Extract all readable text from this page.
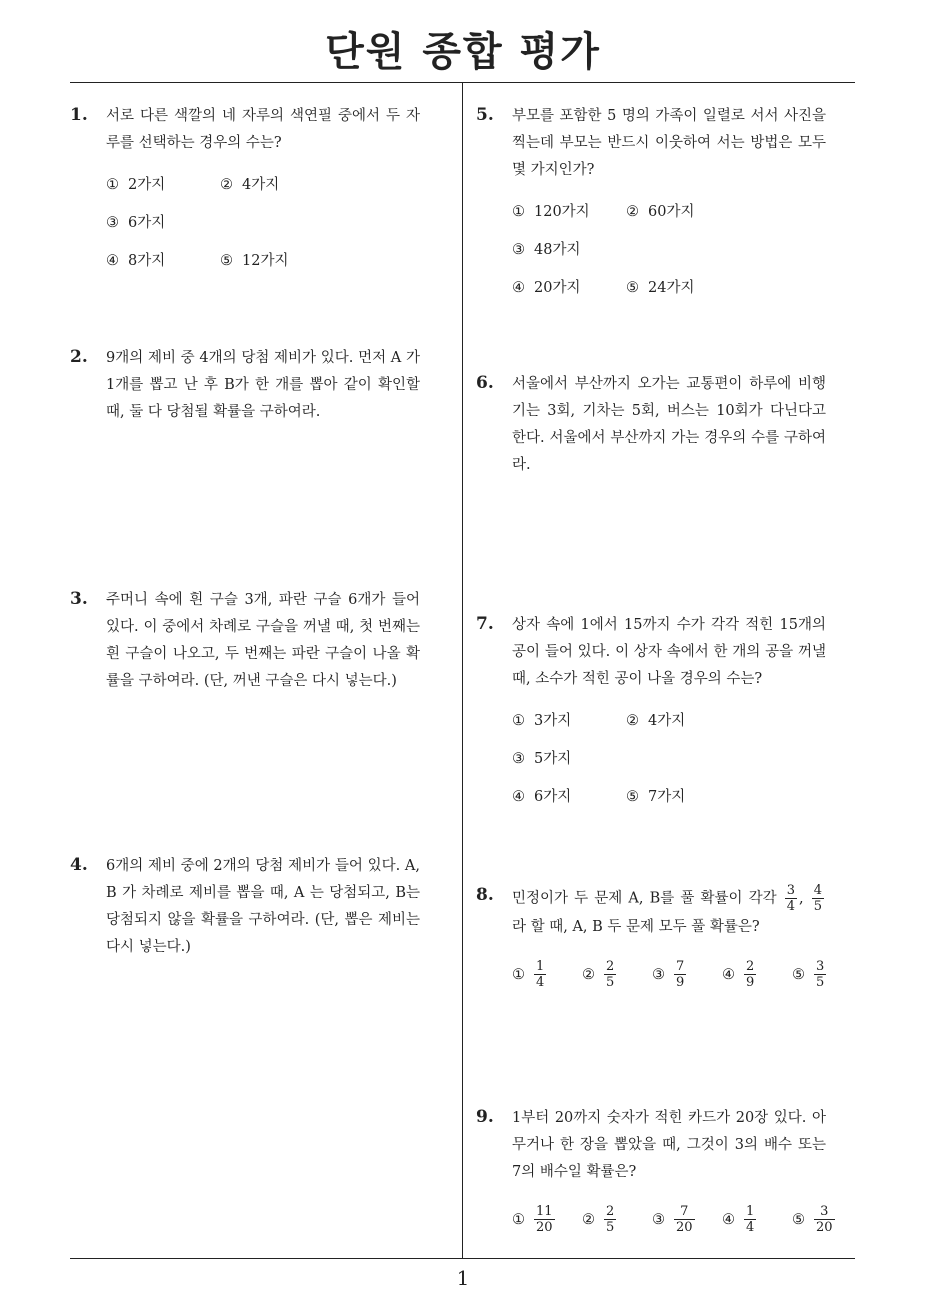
단원 종합 평가
1. 서로 다른 색깔의 네 자루의 색연필 중에서 두 자루를 선택하는 경우의 수는?
① 2가지	② 4가지③ 6가지
④ 8가지	⑤ 12가지
2. 9개의 제비 중 4개의 당첨 제비가 있다. 먼저 A 가 1개를 뽑고 난 후 B가 한 개를 뽑아 같이 확인할 때, 둘 다 당첨될 확률을 구하여라.
3. 주머니 속에 흰 구슬 3개, 파란 구슬 6개가 들어 있다. 이 중에서 차례로 구슬을 꺼낼 때, 첫 번째는 흰 구슬이 나오고, 두 번째는 파란 구슬이 나올 확률을 구하여라. (단, 꺼낸 구슬은 다시 넣는다.)
4. 6개의 제비 중에 2개의 당첨 제비가 들어 있다. A, B 가 차례로 제비를 뽑을 때, A 는 당첨되고, B는 당첨되지 않을 확률을 구하여라. (단, 뽑은 제비는 다시 넣는다.)
5. 부모를 포함한 5 명의 가족이 일렬로 서서 사진을 찍는데 부모는 반드시 이웃하여 서는 방법은 모두 몇 가지인가?
① 120가지	② 60가지③ 48가지
④ 20가지	⑤ 24가지
6. 서울에서 부산까지 오가는 교통편이 하루에 비행기는 3회, 기차는 5회, 버스는 10회가 다닌다고 한다. 서울에서 부산까지 가는 경우의 수를 구하여라.
7. 상자 속에 1에서 15까지 수가 각각 적힌 15개의 공이 들어 있다. 이 상자 속에서 한 개의 공을 꺼낼 때, 소수가 적힌 공이 나올 경우의 수는?
① 3가지	② 4가지③ 5가지
④ 6가지	⑤ 7가지
8. 민정이가 두 문제 A, B를 풀 확률이 각각 $\frac{3}{4}$ , $\frac{4}{5}$
라 할 때, A, B 두 문제 모두 풀 확률은?
① $\frac{1}{4}$ ② $\frac{2}{5}$ ③ $\frac{7}{9}$ ④ $\frac{2}{9}$ ⑤ $\frac{3}{5}$
9. 1부터 20까지 숫자가 적힌 카드가 20장 있다. 아무거나 한 장을 뽑았을 때, 그것이 3의 배수 또는 7의 배수일 확률은?
① $\frac{11}{20}$ ② $\frac{2}{5}$ ③ $\frac{7}{20}$ ④ $\frac{1}{4}$ ⑤ $\frac{3}{20}$
1
